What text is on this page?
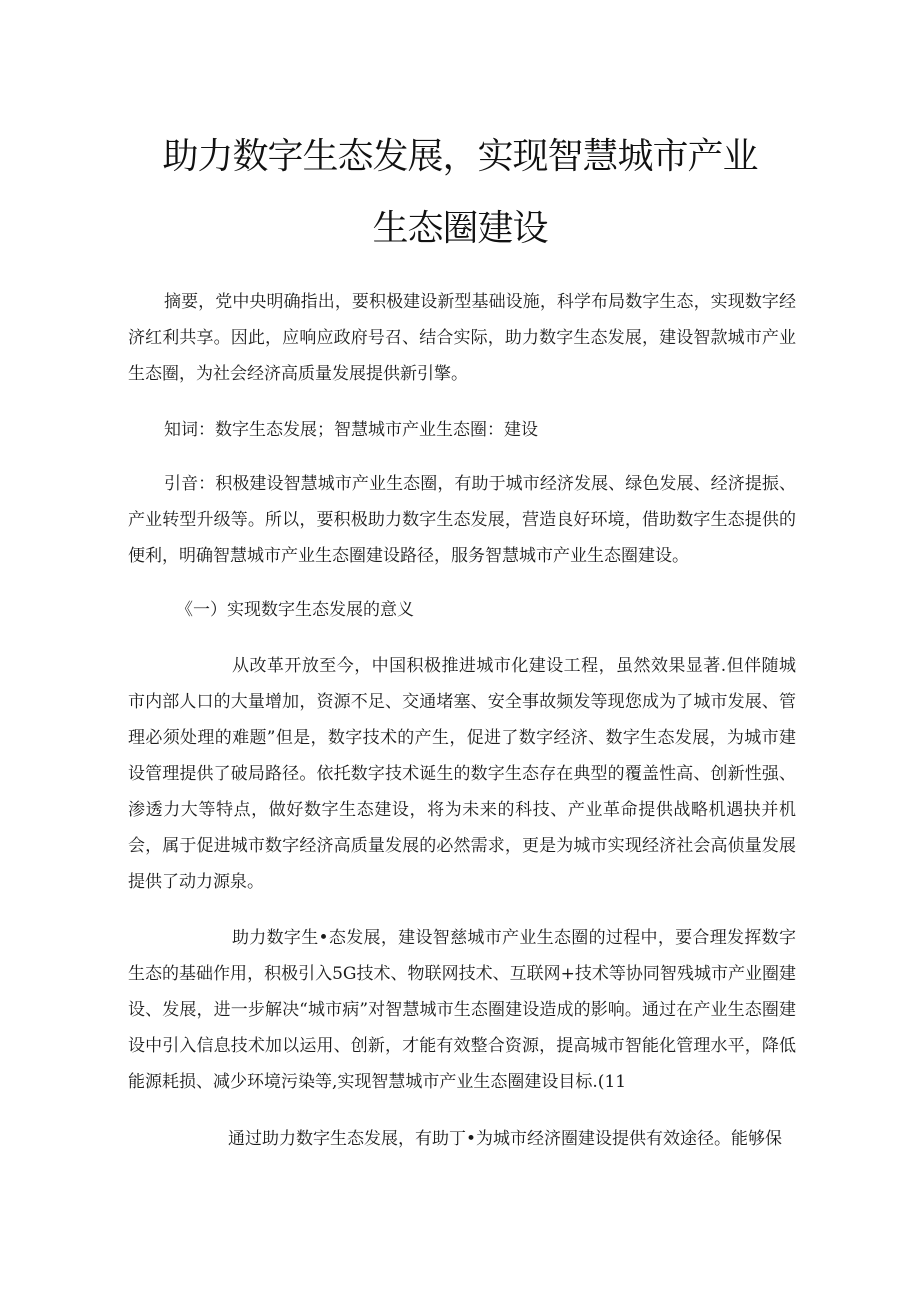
助力数字生态发展，实现智慧城市产业
生态圈建设

摘要，党中央明确指出，要积极建设新型基础设施，科学布局数字生态，实现数字经济红利共享。因此，应响应政府号召、结合实际，助力数字生态发展，建设智款城市产业生态圈，为社会经济高质量发展提供新引擎。

知词：数字生态发展；智慧城市产业生态圈：建设

引音：积极建设智慧城市产业生态圈，有助于城市经济发展、绿色发展、经济提振、产业转型升级等。所以，要积极助力数字生态发展，营造良好环境，借助数字生态提供的便利，明确智慧城市产业生态圈建设路径，服务智慧城市产业生态圈建设。

《一）实现数字生态发展的意义

从改革开放至今，中国积极推进城市化建设工程，虽然效果显著.但伴随城市内部人口的大量增加，资源不足、交通堵塞、安全事故频发等现您成为了城市发展、管理必须处理的难题”但是，数字技术的产生，促进了数字经济、数字生态发展，为城市建设管理提供了破局路径。依托数字技术诞生的数字生态存在典型的覆盖性高、创新性强、渗透力大等特点，做好数字生态建设，将为未来的科技、产业革命提供战略机遇抉并机会，属于促进城市数字经济高质量发展的必然需求，更是为城市实现经济社会高侦量发展提供了动力源泉。

助力数字生•态发展，建设智慈城市产业生态圈的过程中，要合理发挥数字生态的基础作用，积极引入5G技术、物联网技术、互联网+技术等协同智残城市产业圈建设、发展，进一步解决“城市病”对智慧城市生态圈建设造成的影响。通过在产业生态圈建设中引入信息技术加以运用、创新，才能有效整合资源，提高城市智能化管理水平，降低能源耗损、减少环境污染等,实现智慧城市产业生态圈建设目标.(11

通过助力数字生态发展，有助丁•为城市经济圈建设提供有效途径。能够保
